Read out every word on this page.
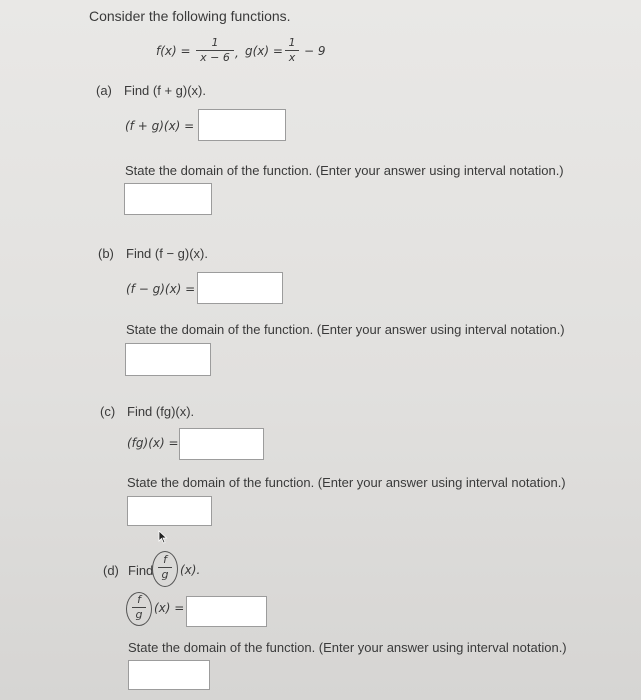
Consider the following functions.
f(x) =
1
x − 6 , g(x) =
1
x − 9
(a) Find (f + g)(x).
(f + g)(x) =
State the domain of the function. (Enter your answer using interval notation.)
(b) Find (f − g)(x).
(f − g)(x) =
State the domain of the function. (Enter your answer using interval notation.)
(c) Find (fg)(x).
(fg)(x) =
State the domain of the function. (Enter your answer using interval notation.)
(d) Find
f
g (x).
f
g (x) =
State the domain of the function. (Enter your answer using interval notation.)
